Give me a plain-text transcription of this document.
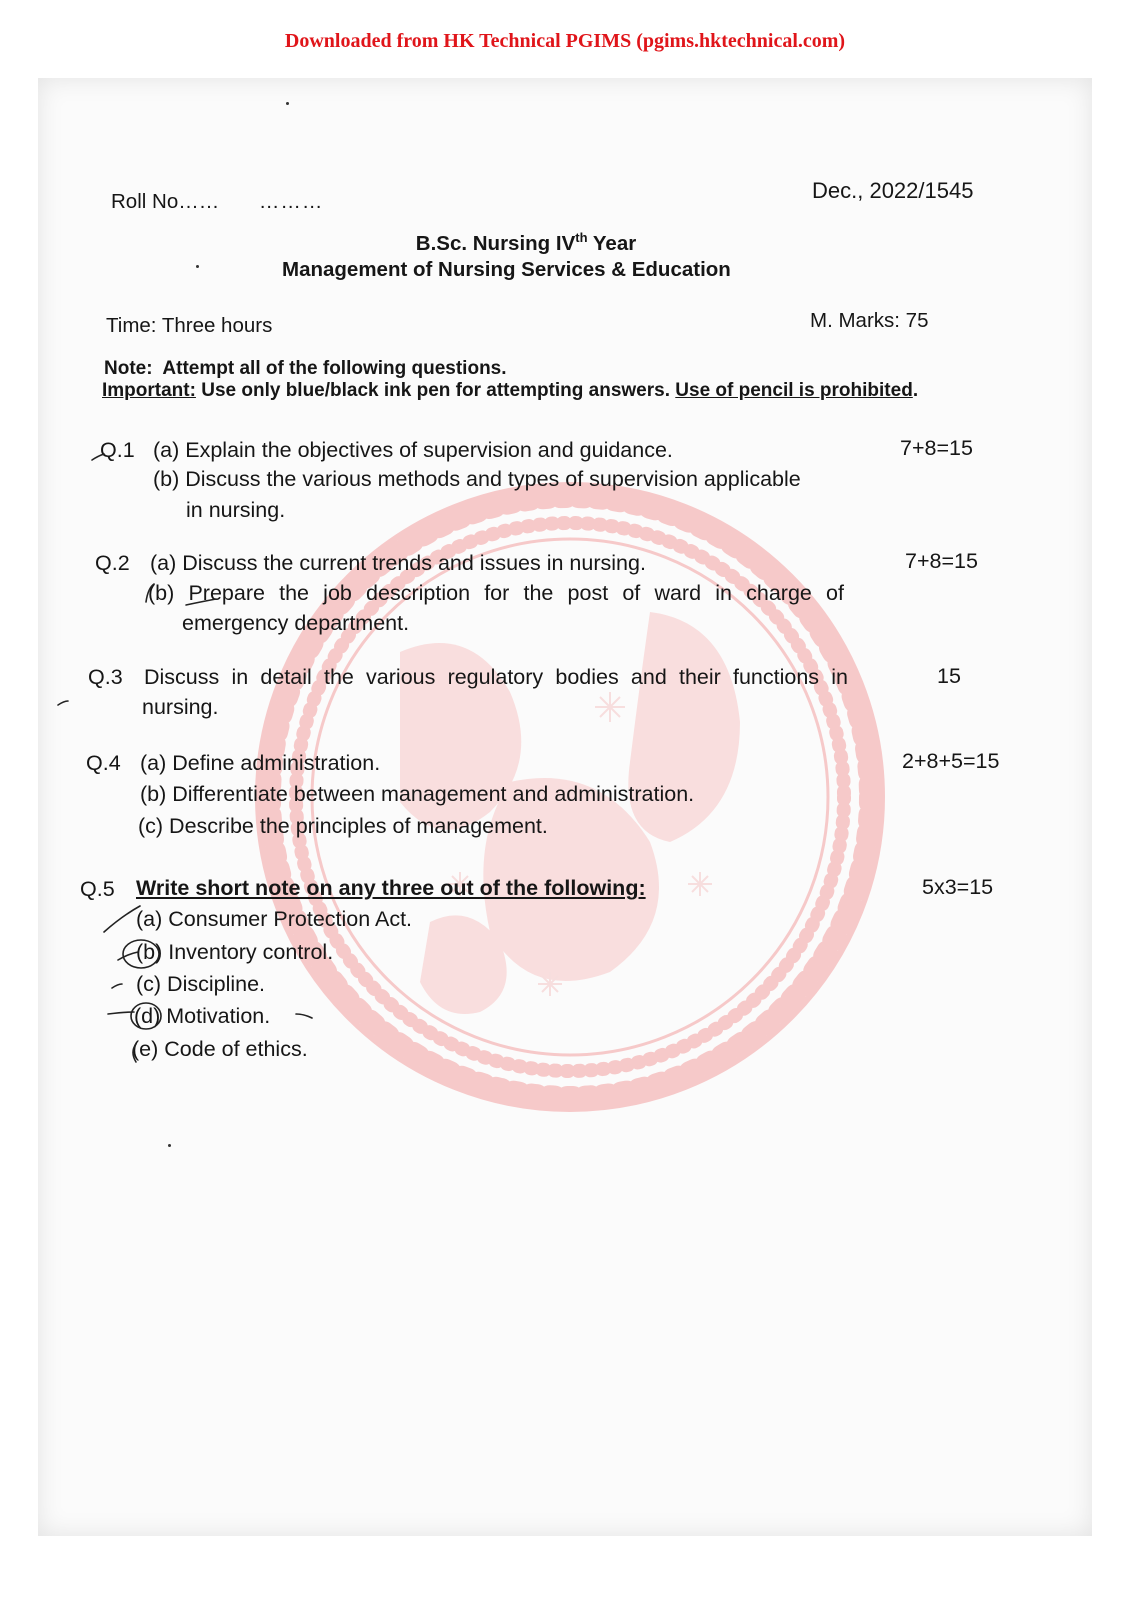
Downloaded from HK Technical PGIMS (pgims.hktechnical.com)
Roll No…… ………	Dec., 2022/1545
B.Sc. Nursing IVth Year
Management of Nursing Services & Education
Time: Three hours	M. Marks: 75
Note: Attempt all of the following questions.
Important: Use only blue/black ink pen for attempting answers. Use of pencil is prohibited.
Q.1	7+8=15
(a) Explain the objectives of supervision and guidance.
(b) Discuss the various methods and types of supervision applicable
in nursing.
Q.2	7+8=15
(a) Discuss the current trends and issues in nursing.
(b) Prepare the job description for the post of ward in charge of
emergency department.
Q.3	15
Discuss in detail the various regulatory bodies and their functions in
nursing.
Q.4	2+8+5=15
(a) Define administration.
(b) Differentiate between management and administration.
(c) Describe the principles of management.
Q.5	5x3=15
Write short note on any three out of the following:
(a) Consumer Protection Act.
(b) Inventory control.
(c) Discipline.
(d) Motivation.
(e) Code of ethics.
